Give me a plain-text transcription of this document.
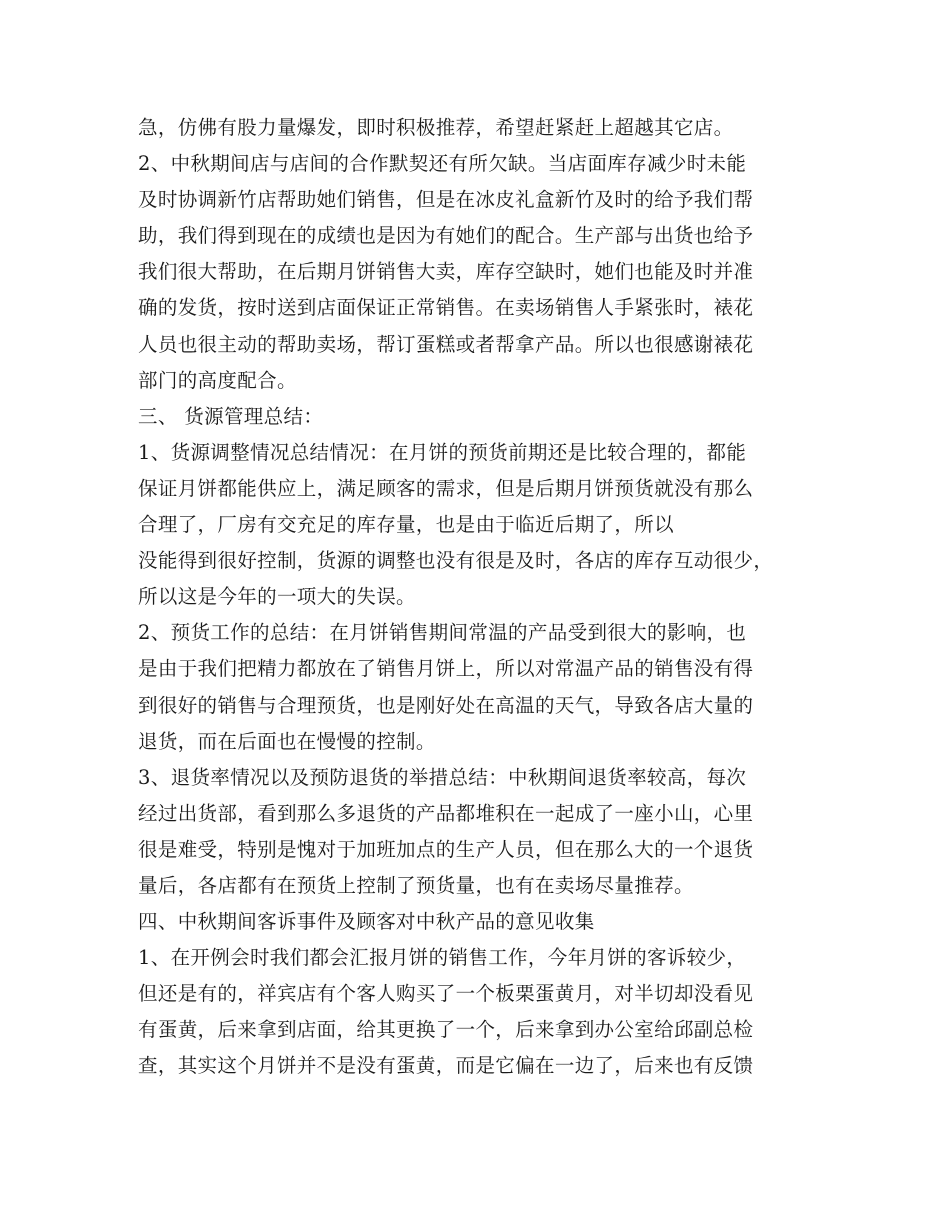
急，仿佛有股力量爆发，即时积极推荐，希望赶紧赶上超越其它店。
2、中秋期间店与店间的合作默契还有所欠缺。当店面库存减少时未能
及时协调新竹店帮助她们销售，但是在冰皮礼盒新竹及时的给予我们帮
助，我们得到现在的成绩也是因为有她们的配合。生产部与出货也给予
我们很大帮助，在后期月饼销售大卖，库存空缺时，她们也能及时并准
确的发货，按时送到店面保证正常销售。在卖场销售人手紧张时，裱花
人员也很主动的帮助卖场，帮订蛋糕或者帮拿产品。所以也很感谢裱花
部门的高度配合。
三、 货源管理总结：
1、货源调整情况总结情况：在月饼的预货前期还是比较合理的，都能
保证月饼都能供应上，满足顾客的需求，但是后期月饼预货就没有那么
合理了，厂房有交充足的库存量，也是由于临近后期了，所以
没能得到很好控制，货源的调整也没有很是及时，各店的库存互动很少，
所以这是今年的一项大的失误。
2、预货工作的总结：在月饼销售期间常温的产品受到很大的影响，也
是由于我们把精力都放在了销售月饼上，所以对常温产品的销售没有得
到很好的销售与合理预货，也是刚好处在高温的天气，导致各店大量的
退货，而在后面也在慢慢的控制。
3、退货率情况以及预防退货的举措总结：中秋期间退货率较高，每次
经过出货部，看到那么多退货的产品都堆积在一起成了一座小山，心里
很是难受，特别是愧对于加班加点的生产人员，但在那么大的一个退货
量后，各店都有在预货上控制了预货量，也有在卖场尽量推荐。
四、中秋期间客诉事件及顾客对中秋产品的意见收集
1、在开例会时我们都会汇报月饼的销售工作，今年月饼的客诉较少，
但还是有的，祥宾店有个客人购买了一个板栗蛋黄月，对半切却没看见
有蛋黄，后来拿到店面，给其更换了一个，后来拿到办公室给邱副总检
查，其实这个月饼并不是没有蛋黄，而是它偏在一边了，后来也有反馈
